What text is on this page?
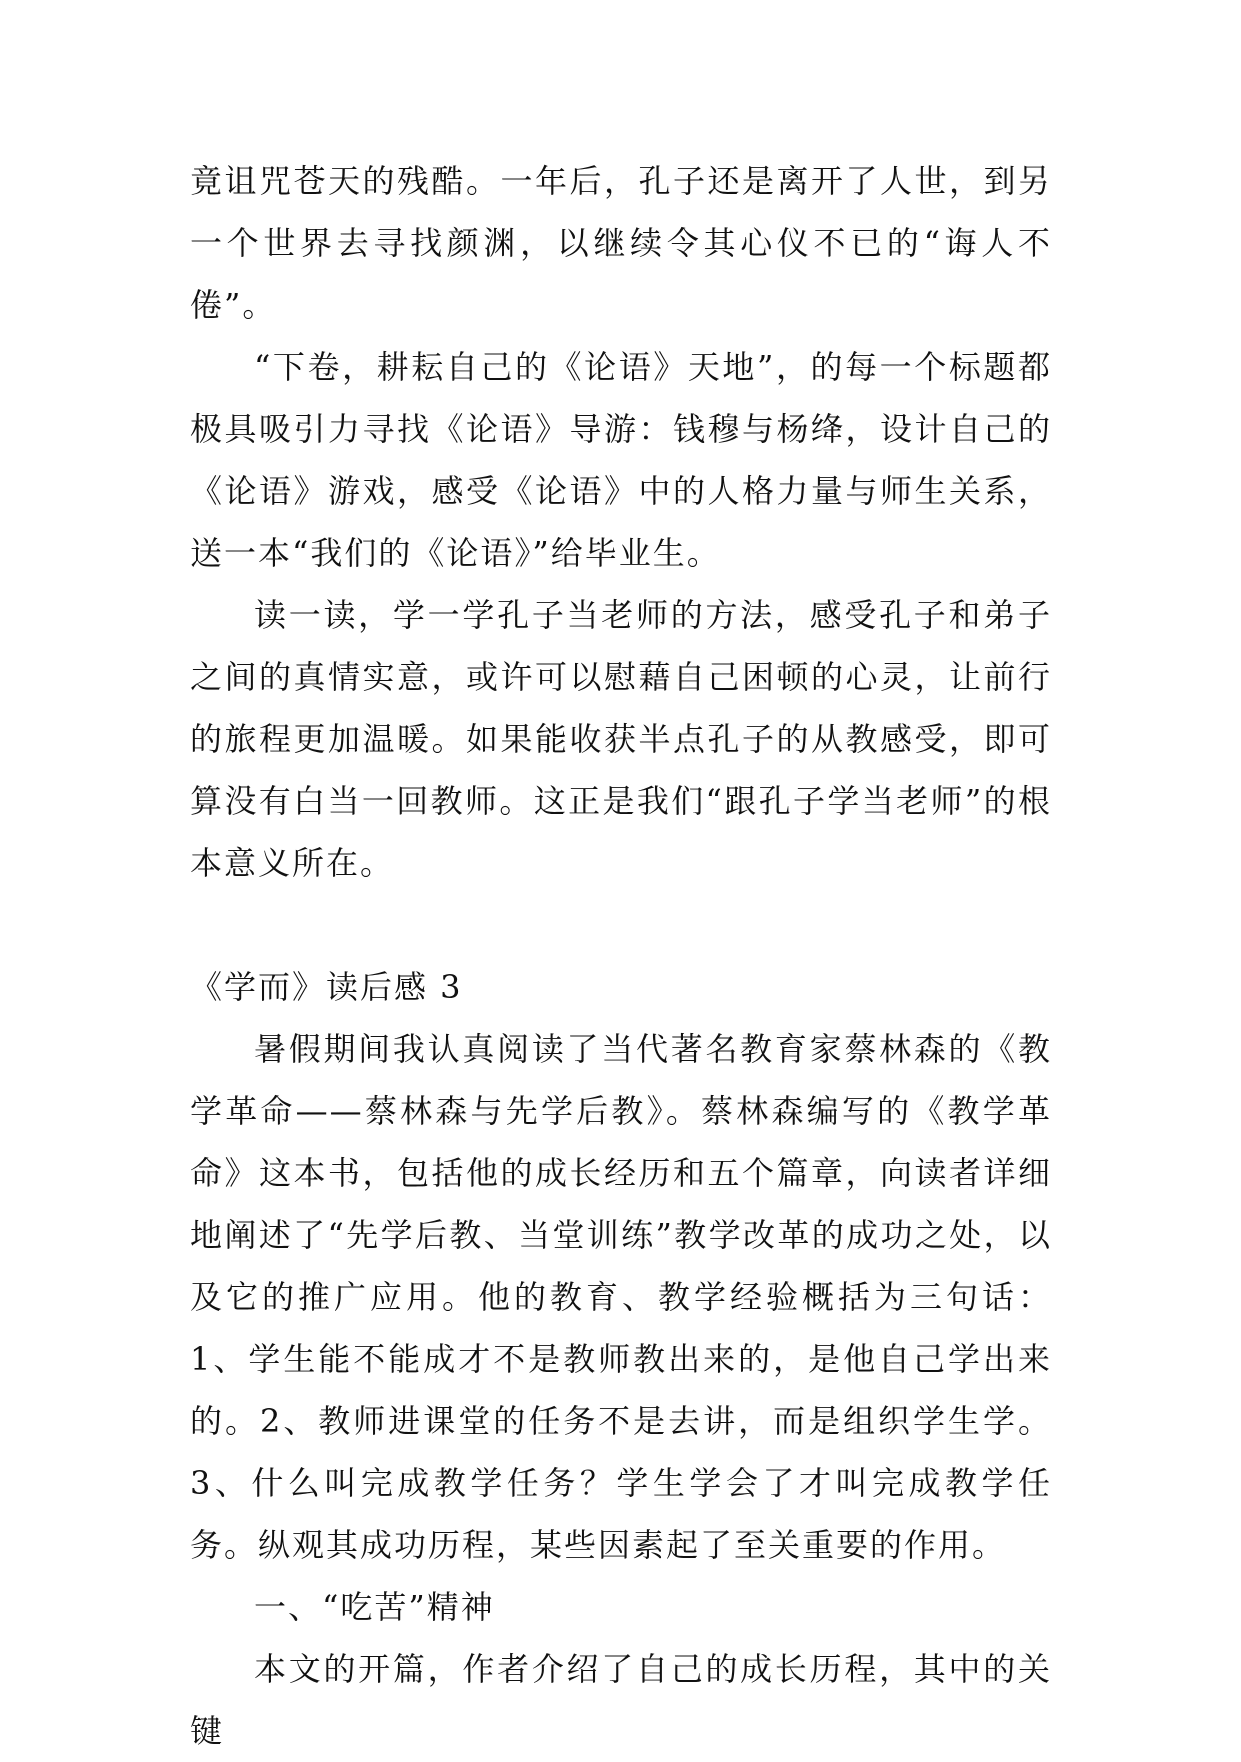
竟诅咒苍天的残酷。一年后，孔子还是离开了人世，到另一个世界去寻找颜渊，以继续令其心仪不已的“诲人不倦”。

“下卷，耕耘自己的《论语》天地”，的每一个标题都极具吸引力寻找《论语》导游：钱穆与杨绛，设计自己的《论语》游戏，感受《论语》中的人格力量与师生关系，送一本“我们的《论语》”给毕业生。

读一读，学一学孔子当老师的方法，感受孔子和弟子之间的真情实意，或许可以慰藉自己困顿的心灵，让前行的旅程更加温暖。如果能收获半点孔子的从教感受，即可算没有白当一回教师。这正是我们“跟孔子学当老师”的根本意义所在。

《学而》读后感 3

暑假期间我认真阅读了当代著名教育家蔡林森的《教学革命——蔡林森与先学后教》。蔡林森编写的《教学革命》这本书，包括他的成长经历和五个篇章，向读者详细地阐述了“先学后教、当堂训练”教学改革的成功之处，以及它的推广应用。他的教育、教学经验概括为三句话：1、学生能不能成才不是教师教出来的，是他自己学出来的。2、教师进课堂的任务不是去讲，而是组织学生学。3、什么叫完成教学任务？学生学会了才叫完成教学任务。纵观其成功历程，某些因素起了至关重要的作用。

一、“吃苦”精神

本文的开篇，作者介绍了自己的成长历程，其中的关键
